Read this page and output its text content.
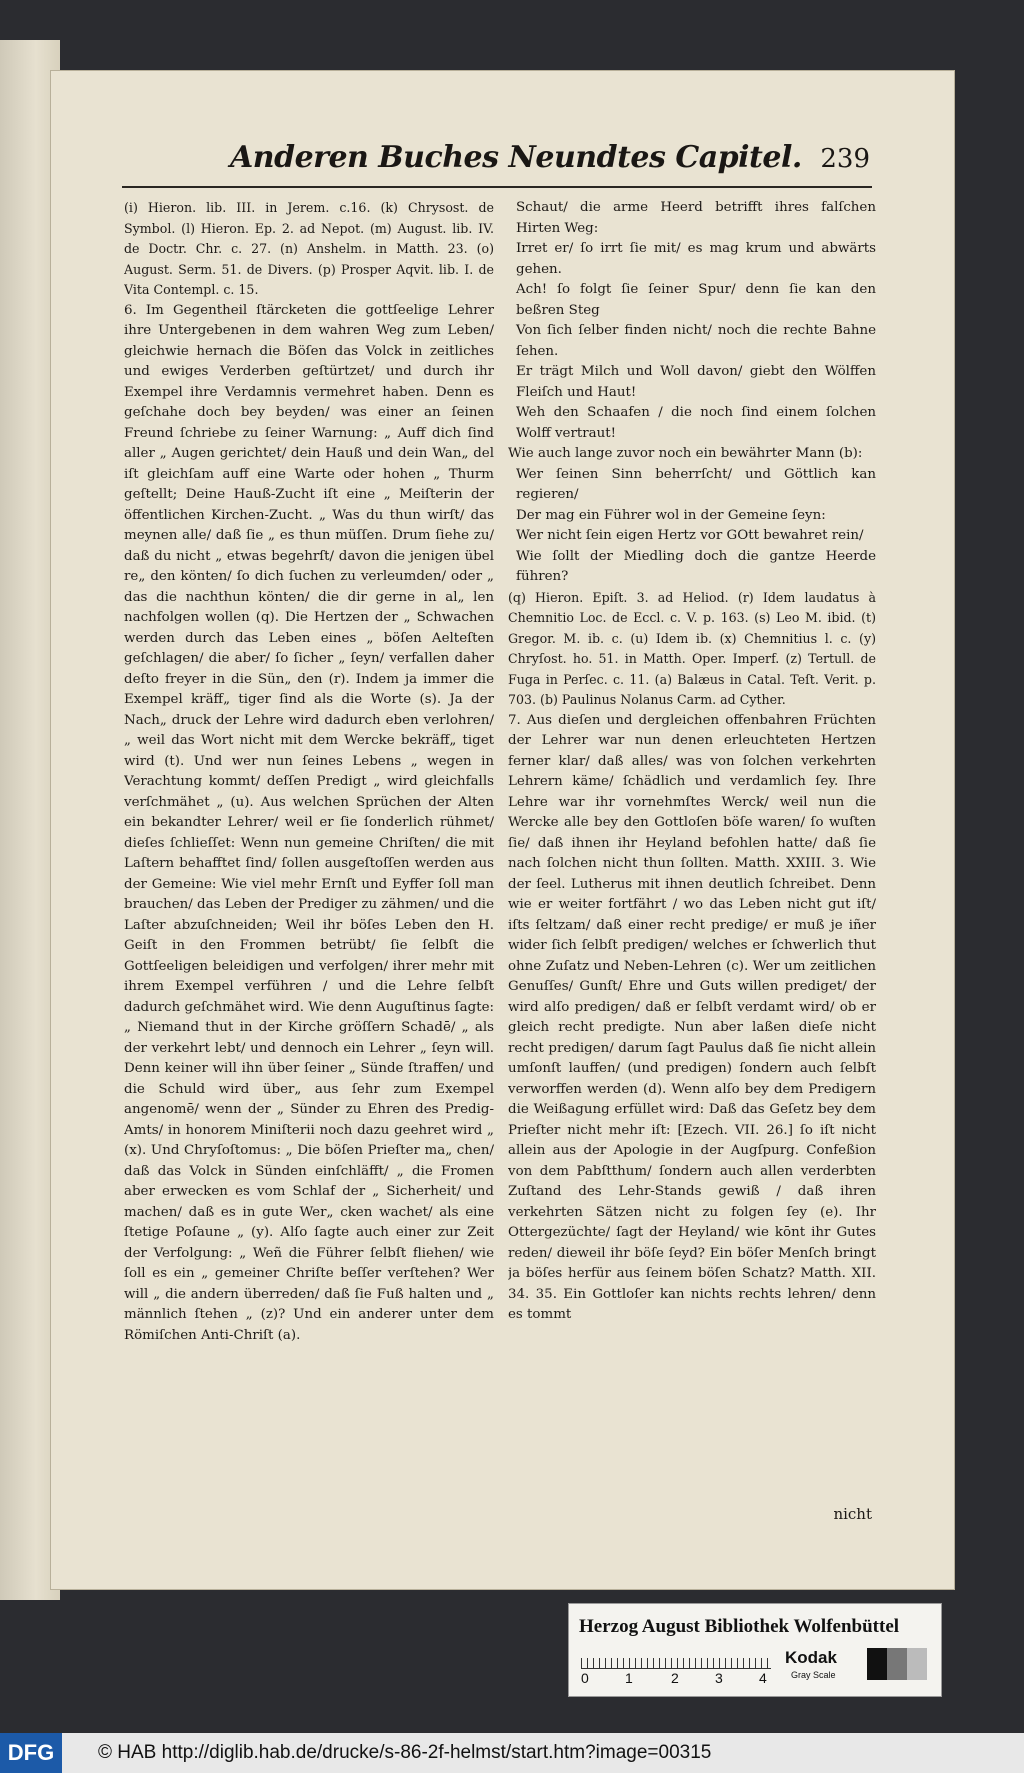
Anderen Buches Neundtes Capitel. 239

(i) Hieron. lib. III. in Jerem. c.16. (k) Chrysost. de Symbol. (l) Hieron. Ep. 2. ad Nepot. (m) August. lib. IV. de Doctr. Chr. c. 27. (n) Anshelm. in Matth. 23. (o) August. Serm. 51. de Divers. (p) Prosper Aqvit. lib. I. de Vita Contempl. c. 15.

6. Im Gegentheil ſtärcketen die gottſeelige Lehrer ihre Untergebenen in dem wahren Weg zum Leben/ gleichwie hernach die Böſen das Volck in zeitliches und ewiges Verderben geſtürtzet/ und durch ihr Exempel ihre Verdamnis vermehret haben. Denn es geſchahe doch bey beyden/ was einer an ſeinen Freund ſchriebe zu ſeiner Warnung: „ Auff dich ſind aller „ Augen gerichtet/ dein Hauß und dein Wan„ del iſt gleichſam auff eine Warte oder hohen „ Thurm geſtellt; Deine Hauß-Zucht iſt eine „ Meiſterin der öffentlichen Kirchen-Zucht. „ Was du thun wirſt/ das meynen alle/ daß ſie „ es thun müſſen. Drum ſiehe zu/ daß du nicht „ etwas begehrſt/ davon die jenigen übel re„ den könten/ ſo dich ſuchen zu verleumden/ oder „ das die nachthun könten/ die dir gerne in al„ len nachfolgen wollen (q). Die Hertzen der „ Schwachen werden durch das Leben eines „ böſen Aelteſten geſchlagen/ die aber/ ſo ſicher „ ſeyn/ verfallen daher deſto freyer in die Sün„ den (r). Indem ja immer die Exempel kräff„ tiger ſind als die Worte (s). Ja der Nach„ druck der Lehre wird dadurch eben verlohren/ „ weil das Wort nicht mit dem Wercke bekräff„ tiget wird (t). Und wer nun ſeines Lebens „ wegen in Verachtung kommt/ deſſen Predigt „ wird gleichfalls verſchmähet „ (u). Aus welchen Sprüchen der Alten ein bekandter Lehrer/ weil er ſie ſonderlich rühmet/ dieſes ſchlieſſet: Wenn nun gemeine Chriſten/ die mit Laſtern behafftet ſind/ ſollen ausgeſtoſſen werden aus der Gemeine: Wie viel mehr Ernſt und Eyffer ſoll man brauchen/ das Leben der Prediger zu zähmen/ und die Laſter abzuſchneiden; Weil ihr böſes Leben den H. Geiſt in den Frommen betrübt/ ſie ſelbſt die Gottſeeligen beleidigen und verfolgen/ ihrer mehr mit ihrem Exempel verführen / und die Lehre ſelbſt dadurch geſchmähet wird. Wie denn Auguſtinus ſagte: „ Niemand thut in der Kirche gröſſern Schadē/ „ als der verkehrt lebt/ und dennoch ein Lehrer „ ſeyn will. Denn keiner will ihn über ſeiner „ Sünde ſtraffen/ und die Schuld wird über„ aus ſehr zum Exempel angenomē/ wenn der „ Sünder zu Ehren des Predig-Amts/ in honorem Miniſterii noch dazu geehret wird „ (x). Und Chryſoſtomus: „ Die böſen Prieſter ma„ chen/ daß das Volck in Sünden einſchläfft/ „ die Fromen aber erwecken es vom Schlaf der „ Sicherheit/ und machen/ daß es in gute Wer„ cken wachet/ als eine ſtetige Poſaune „ (y). Alſo ſagte auch einer zur Zeit der Verfolgung: „ Weñ die Führer ſelbſt fliehen/ wie ſoll es ein „ gemeiner Chriſte beſſer verſtehen? Wer will „ die andern überreden/ daß ſie Fuß halten und „ männlich ſtehen „ (z)? Und ein anderer unter dem Römiſchen Anti-Chriſt (a).

Schaut/ die arme Heerd betrifft ihres falſchen Hirten Weg:

Irret er/ ſo irrt ſie mit/ es mag krum und abwärts gehen.

Ach! ſo folgt ſie ſeiner Spur/ denn ſie kan den beßren Steg

Von ſich ſelber finden nicht/ noch die rechte Bahne ſehen.

Er trägt Milch und Woll davon/ giebt den Wölffen Fleiſch und Haut!

Weh den Schaafen / die noch ſind einem ſolchen Wolff vertraut!

Wie auch lange zuvor noch ein bewährter Mann (b):

Wer ſeinen Sinn beherrſcht/ und Göttlich kan regieren/

Der mag ein Führer wol in der Gemeine ſeyn:

Wer nicht ſein eigen Hertz vor GOtt bewahret rein/

Wie ſollt der Miedling doch die gantze Heerde führen?

(q) Hieron. Epiſt. 3. ad Heliod. (r) Idem laudatus à Chemnitio Loc. de Eccl. c. V. p. 163. (s) Leo M. ibid. (t) Gregor. M. ib. c. (u) Idem ib. (x) Chemnitius l. c. (y) Chryſost. ho. 51. in Matth. Oper. Imperf. (z) Tertull. de Fuga in Perſec. c. 11. (a) Balæus in Catal. Teſt. Verit. p. 703. (b) Paulinus Nolanus Carm. ad Cyther.

7. Aus dieſen und dergleichen offenbahren Früchten der Lehrer war nun denen erleuchteten Hertzen ferner klar/ daß alles/ was von ſolchen verkehrten Lehrern käme/ ſchädlich und verdamlich ſey. Ihre Lehre war ihr vornehmſtes Werck/ weil nun die Wercke alle bey den Gottloſen böſe waren/ ſo wuſten ſie/ daß ihnen ihr Heyland befohlen hatte/ daß ſie nach ſolchen nicht thun ſollten. Matth. XXIII. 3. Wie der ſeel. Lutherus mit ihnen deutlich ſchreibet. Denn wie er weiter fortfährt / wo das Leben nicht gut iſt/ iſts ſeltzam/ daß einer recht predige/ er muß je iñer wider ſich ſelbſt predigen/ welches er ſchwerlich thut ohne Zuſatz und Neben-Lehren (c). Wer um zeitlichen Genuſſes/ Gunſt/ Ehre und Guts willen prediget/ der wird alſo predigen/ daß er ſelbſt verdamt wird/ ob er gleich recht predigte. Nun aber laßen dieſe nicht recht predigen/ darum ſagt Paulus daß ſie nicht allein umſonſt lauffen/ (und predigen) ſondern auch ſelbſt verworffen werden (d). Wenn alſo bey dem Predigern die Weißagung erfüllet wird: Daß das Geſetz bey dem Prieſter nicht mehr iſt: [Ezech. VII. 26.] ſo iſt nicht allein aus der Apologie in der Augſpurg. Confeßion von dem Pabſtthum/ ſondern auch allen verderbten Zuſtand des Lehr-Stands gewiß / daß ihren verkehrten Sätzen nicht zu folgen ſey (e). Ihr Ottergezüchte/ ſagt der Heyland/ wie kōnt ihr Gutes reden/ dieweil ihr böſe ſeyd? Ein böſer Menſch bringt ja böſes herfür aus ſeinem böſen Schatz? Matth. XII. 34. 35. Ein Gottloſer kan nichts rechts lehren/ denn es tommt

nicht
Herzog August Bibliothek Wolfenbüttel
0	1	2	3	4
Kodak
Gray Scale
DFG	© HAB http://diglib.hab.de/drucke/s-86-2f-helmst/start.htm?image=00315
